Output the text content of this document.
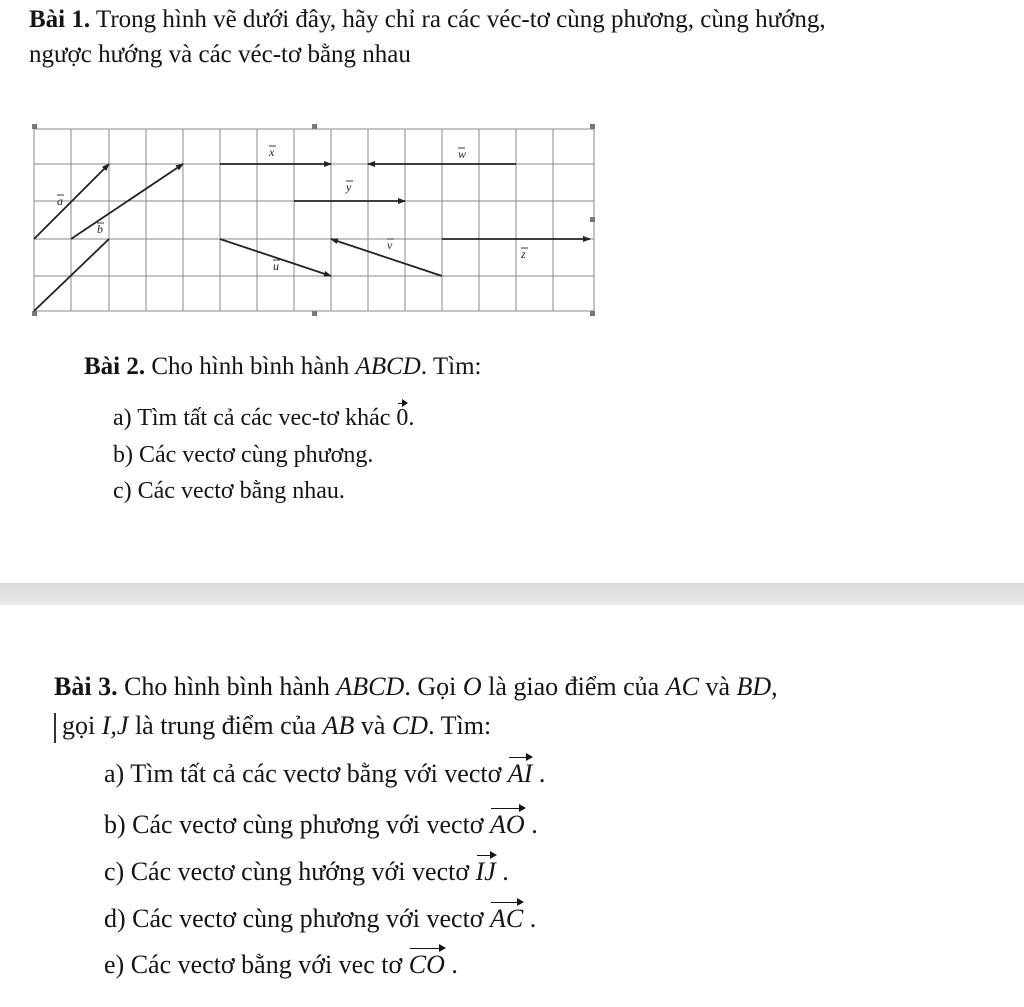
Bài 1. Trong hình vẽ dưới đây, hãy chỉ ra các véc-tơ cùng phương, cùng hướng,
ngược hướng và các véc-tơ bằng nhau
a
b
x	w
y
v
u
z
Bài 2. Cho hình bình hành ABCD. Tìm:
a) Tìm tất cả các vec-tơ khác 0.
b) Các vectơ cùng phương.
c) Các vectơ bằng nhau.
Bài 3. Cho hình bình hành ABCD. Gọi O là giao điểm của AC và BD,
gọi I,J là trung điểm của AB và CD. Tìm:
a) Tìm tất cả các vectơ bằng với vectơ AI .
b) Các vectơ cùng phương với vectơ AO .
c) Các vectơ cùng hướng với vectơ IJ .
d) Các vectơ cùng phương với vectơ AC .
e) Các vectơ bằng với vec tơ CO .
